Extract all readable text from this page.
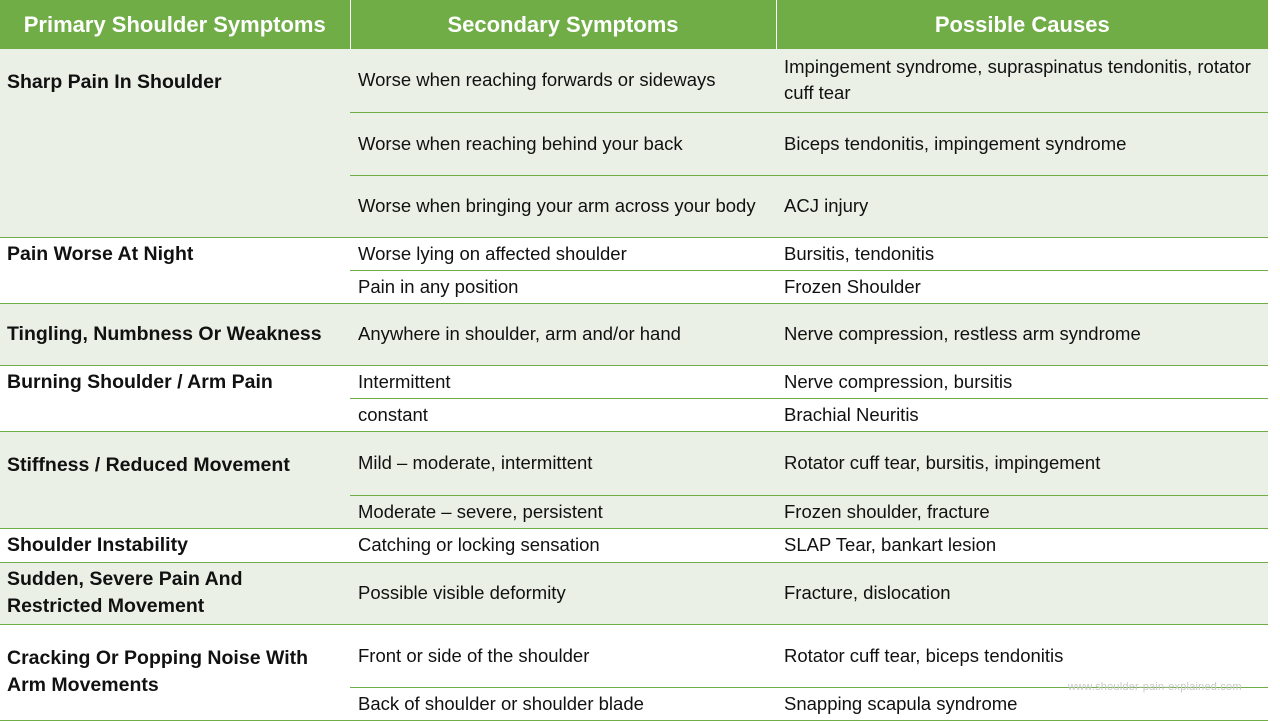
Primary Shoulder Symptoms	Secondary Symptoms	Possible Causes
Sharp Pain In Shoulder	Worse when reaching forwards or sideways	Impingement syndrome, supraspinatus tendonitis, rotator cuff tear
	Worse when reaching behind your back	Biceps tendonitis, impingement syndrome
	Worse when bringing your arm across your body	ACJ injury
Pain Worse At Night	Worse lying on affected shoulder	Bursitis, tendonitis
	Pain in any position	Frozen Shoulder
Tingling, Numbness Or Weakness	Anywhere in shoulder, arm and/or hand	Nerve compression, restless arm syndrome
Burning Shoulder / Arm Pain	Intermittent	Nerve compression, bursitis
	constant	Brachial Neuritis
Stiffness / Reduced Movement	Mild – moderate, intermittent	Rotator cuff tear, bursitis, impingement
	Moderate – severe, persistent	Frozen shoulder, fracture
Shoulder Instability	Catching or locking sensation	SLAP Tear, bankart lesion
Sudden, Severe Pain And Restricted Movement	Possible visible deformity	Fracture, dislocation
Cracking Or Popping Noise With Arm Movements	Front or side of the shoulder	Rotator cuff tear, biceps tendonitis
	Back of shoulder or shoulder blade	Snapping scapula syndrome
www.shoulder-pain-explained.com
